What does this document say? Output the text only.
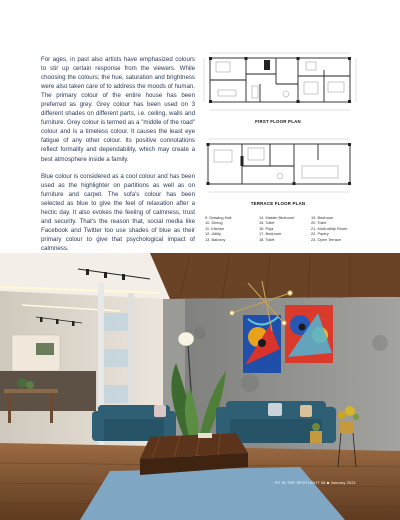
For ages, in past also artists have emphasized colours to stir up certain response from the viewers. While choosing the colours; the hue, saturation and brightness were also taken care of to address the moods of human. The primary colour of the entire house has been preferred as grey. Grey colour has been used on 3 different shades on different parts, i.e. ceiling, walls and furniture. Grey colour is termed as a "middle of the road" colour and is a timeless colour. It causes the least eye fatigue of any other colour. Its positive connotations reflect formality and dependability, which may create a best atmosphere inside a family.

Blue colour is considered as a cool colour and has been used as the highlighter on partitions as well as on furniture and carpet. The sofa's colour has been selected as blue to give the feel of relaxation after a hectic day. It also evokes the feeling of calmness, trust and security. That's the reason that, social media like Facebook and Twitter too use shades of blue as their primary colour to give that psychological impact of calmness.

FIRST FLOOR PLAN
TERRACE FLOOR PLAN
9. Drawing Hall	14. Master Bedroom	19. Bedroom
10. Dining	15. Toilet	20. Toilet
11. Kitchen	16. Puja	21. Multi-utility Room
12. Utility	17. Bedroom	22. Pantry
13. Balcony	18. Toilet	23. Open Terrace
IFJ IN THE SPOTLIGHT 08 ■ January 2021
